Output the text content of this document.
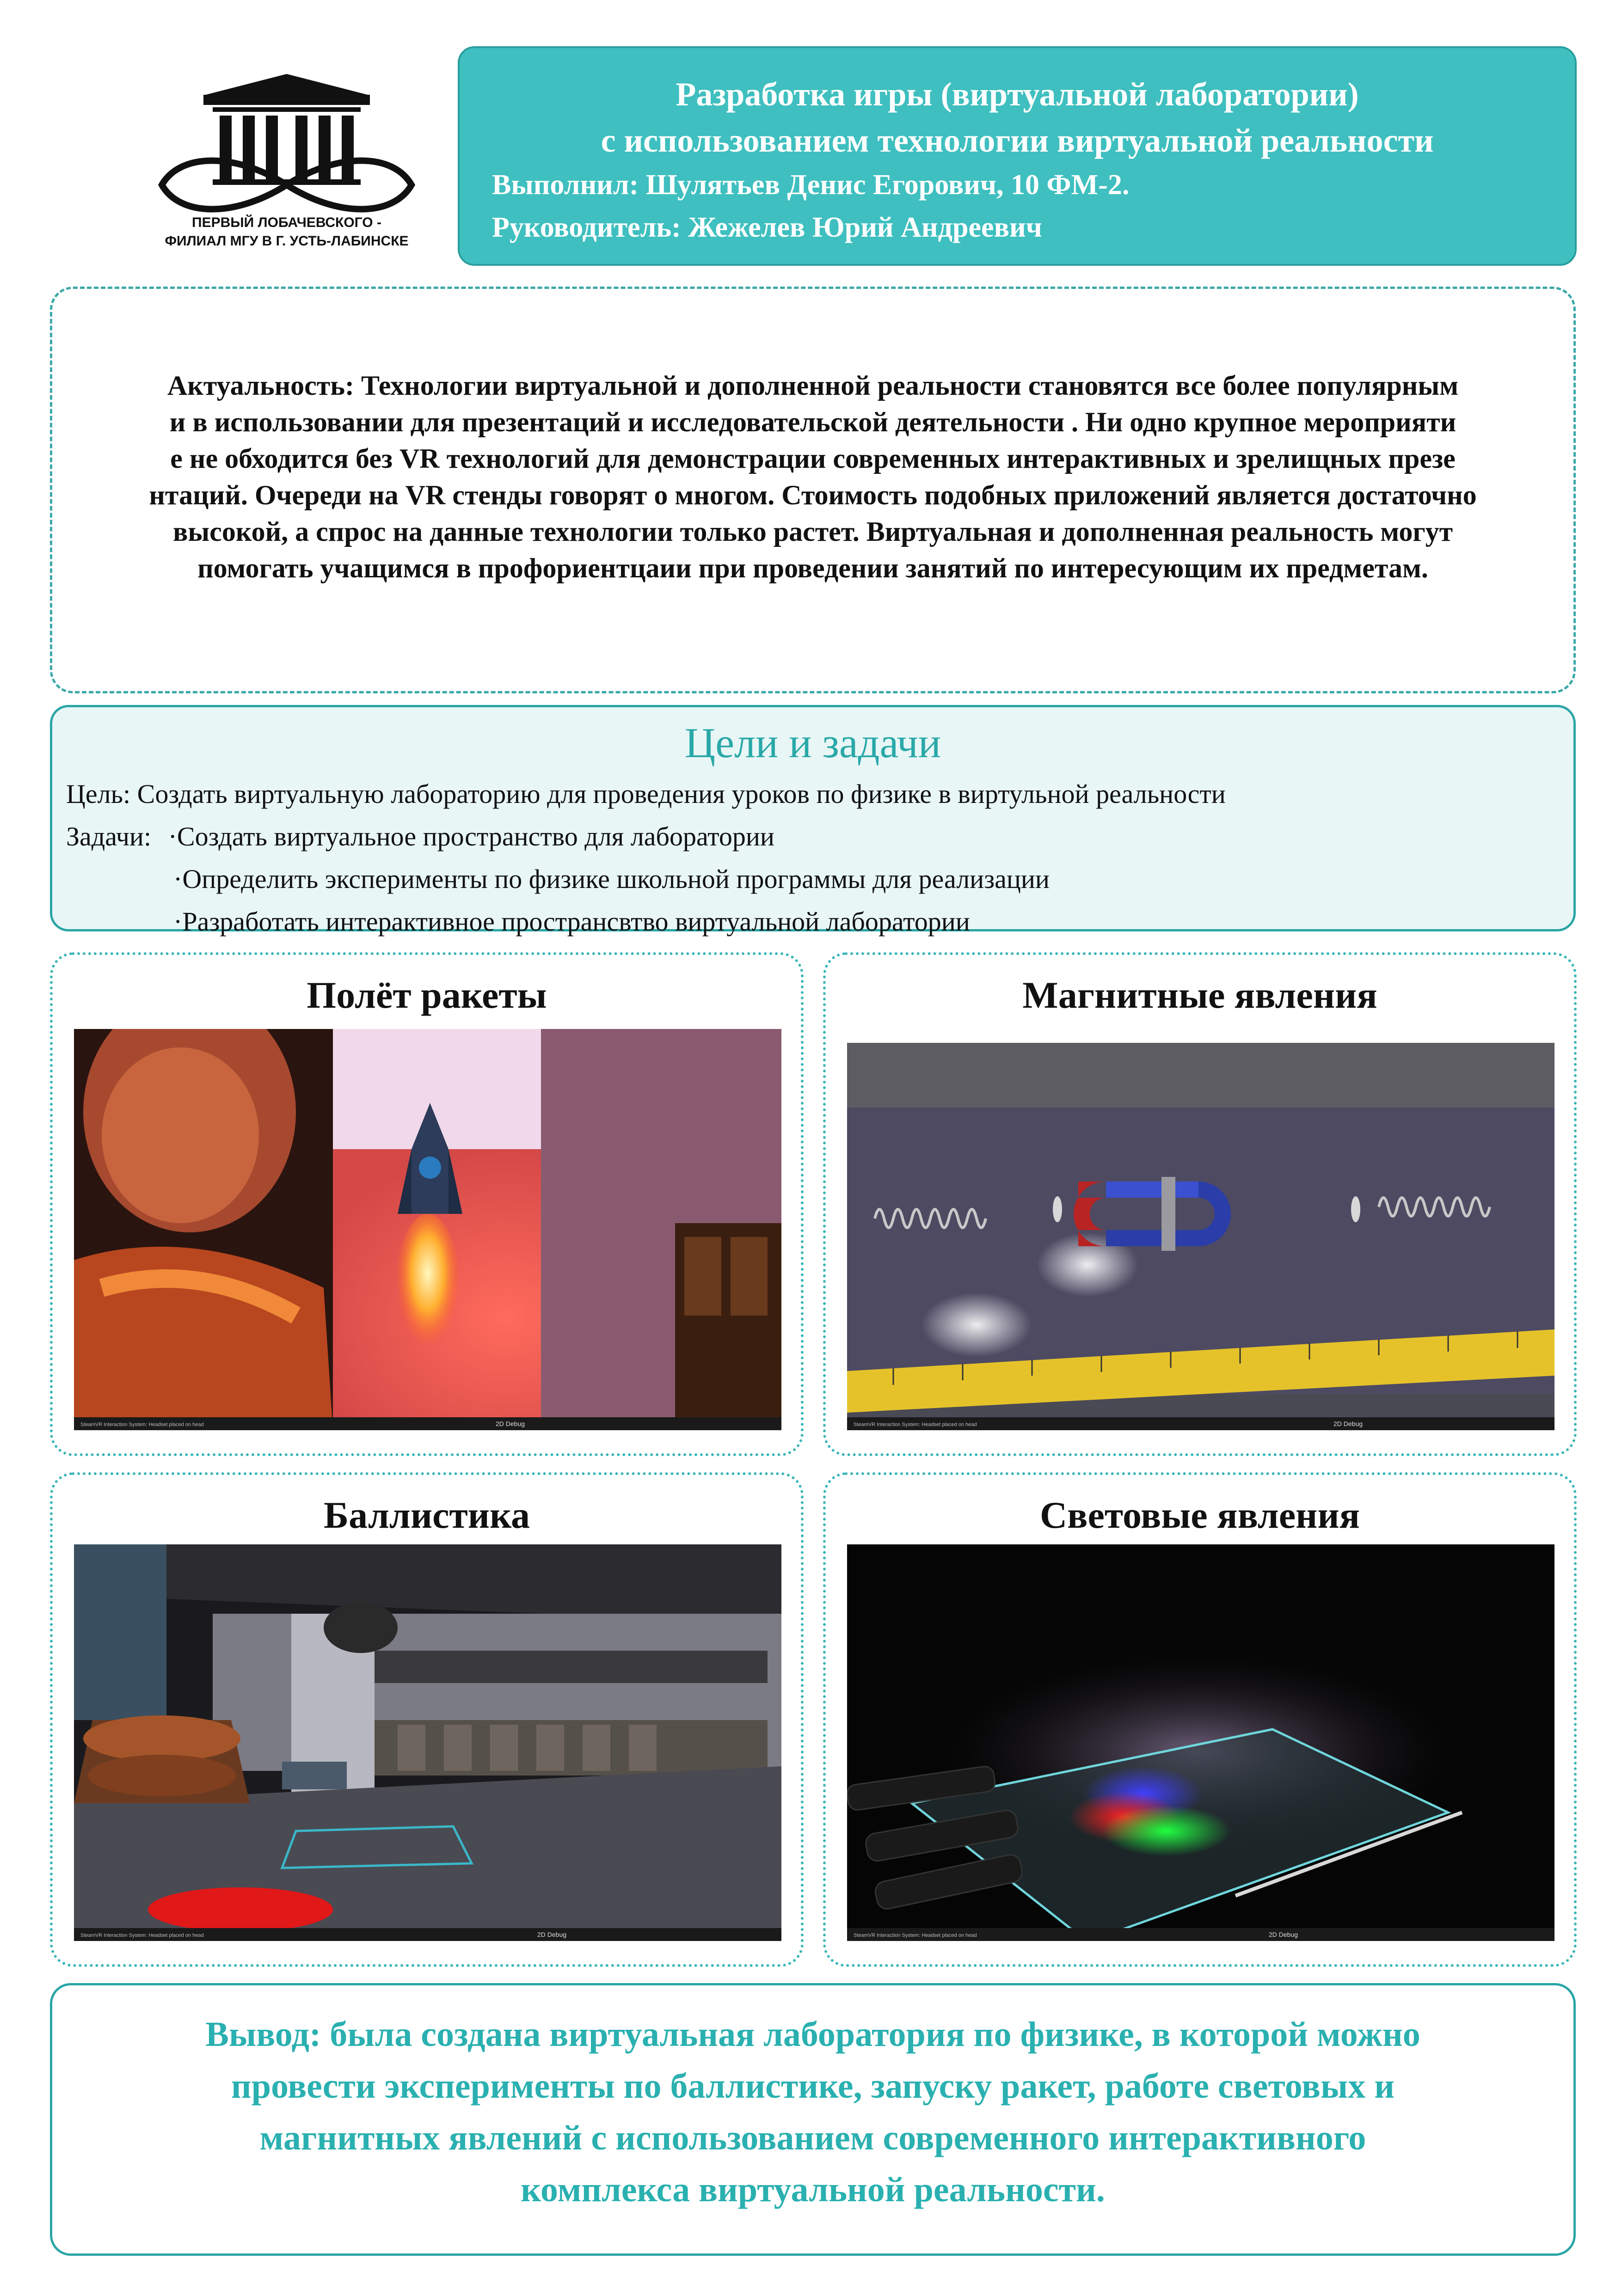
ПЕРВЫЙ ЛОБАЧЕВСКОГО -
ФИЛИАЛ МГУ В Г. УСТЬ-ЛАБИНСКЕ
Разработка игры (виртуальной лаборатории)
с использованием технологии виртуальной реальности
Выполнил: Шулятьев Денис Егорович, 10 ФМ-2.
Руководитель: Жежелев Юрий Андреевич
Актуальность: Технологии виртуальной и дополненной реальности становятся все более популярным
и в использовании для презентаций и исследовательской деятельности . Ни одно крупное мероприяти
е не обходится без VR технологий для демонстрации современных интерактивных и зрелищных презе
нтаций. Очереди на VR стенды говорят о многом. Стоимость подобных приложений является достаточно
высокой, а спрос на данные технологии только растет. Виртуальная и дополненная реальность могут
помогать учащимся в профориентцаии при проведении занятий по интересующим их предметам.
Цели и задачи
Цель: Создать виртуальную лабораторию для проведения уроков по физике в виртульной реальности
Задачи: ·Создать виртуальное пространство для лаборатории
·Определить эксперименты по физике школьной программы для реализации
·Разработать интерактивное пространсвтво виртуальной лаборатории
Полёт ракеты
2D Debug
SteamVR Interaction System: Headset placed on head
Магнитные явления
2D Debug
SteamVR Interaction System: Headset placed on head
Баллистика
2D Debug
SteamVR Interaction System: Headset placed on head
Световые явления
2D Debug
SteamVR Interaction System: Headset placed on head
Вывод: была создана виртуальная лаборатория по физике, в которой можно
провести эксперименты по баллистике, запуску ракет, работе световых и
магнитных явлений с использованием современного интерактивного
комплекса виртуальной реальности.
